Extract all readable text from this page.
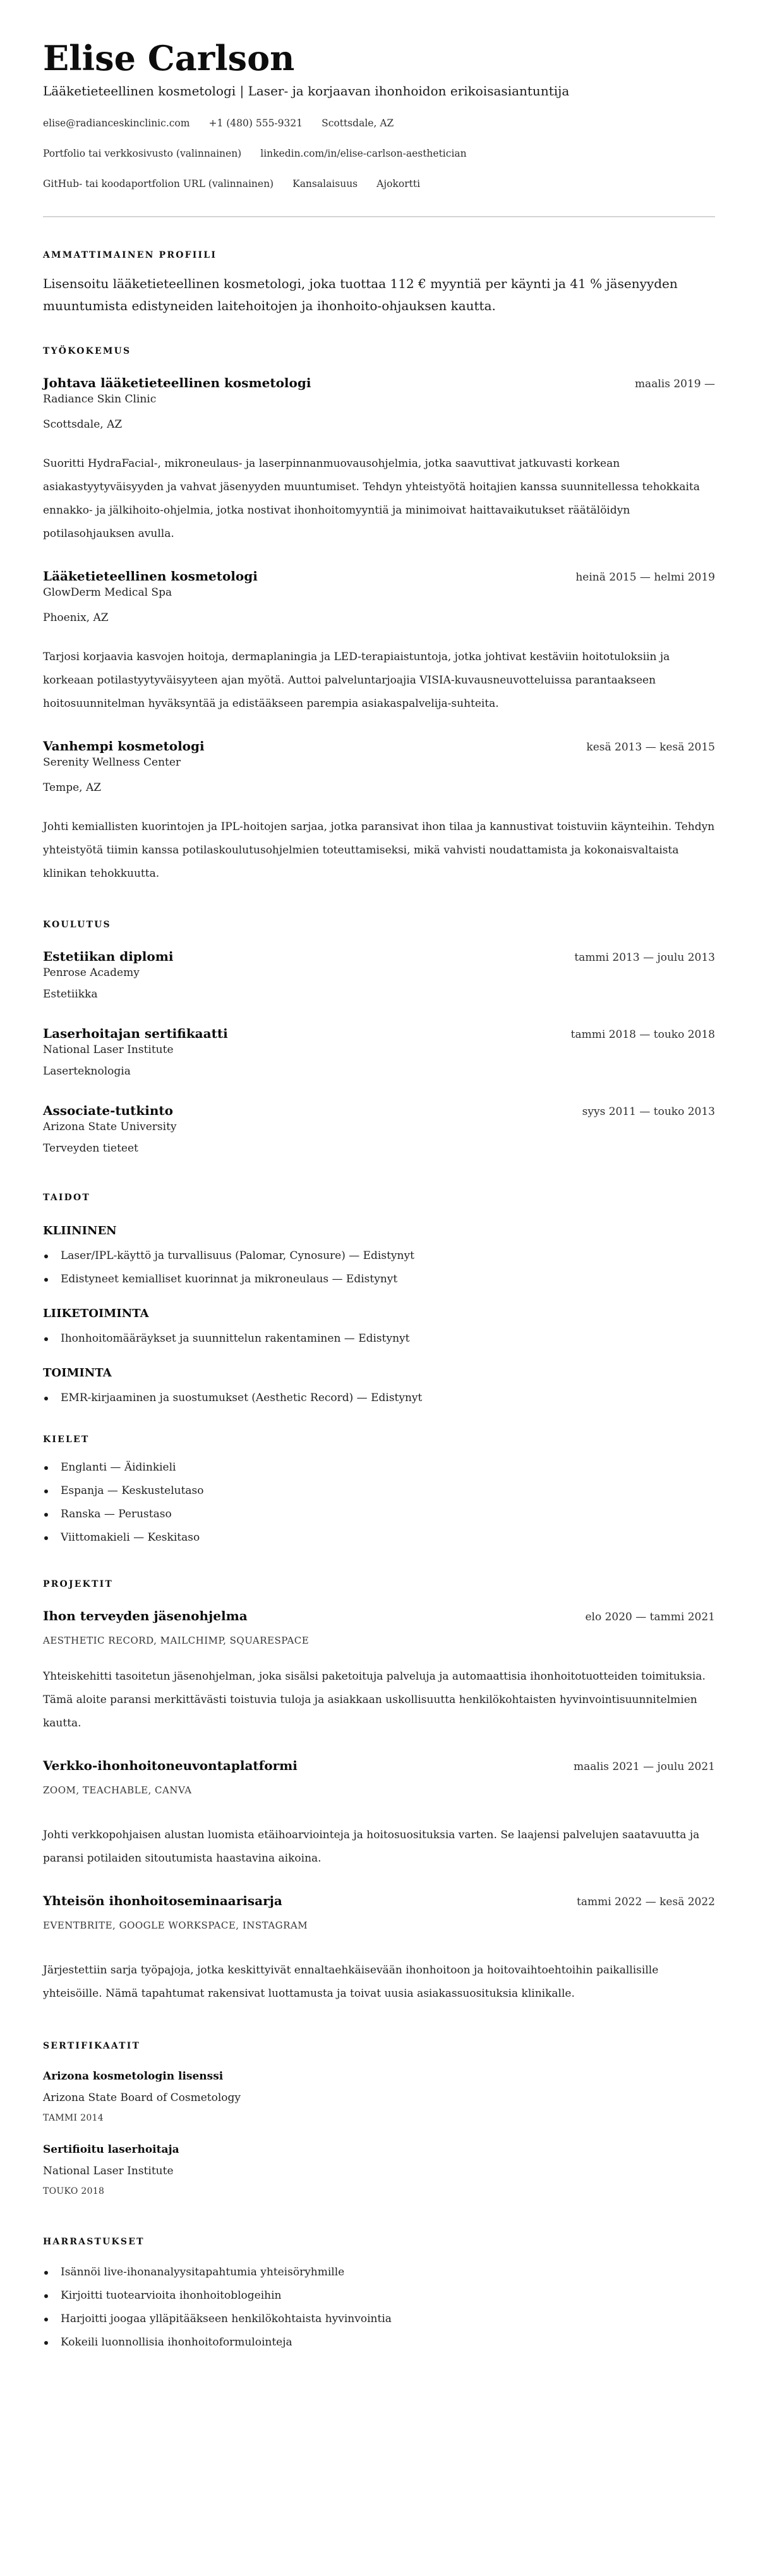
Elise Carlson
Lääketieteellinen kosmetologi | Laser- ja korjaavan ihonhoidon erikoisasiantuntija
elise@radianceskinclinic.com +1 (480) 555-9321 Scottsdale, AZ
Portfolio tai verkkosivusto (valinnainen) linkedin.com/in/elise-carlson-aesthetician
GitHub- tai koodaportfolion URL (valinnainen) Kansalaisuus Ajokortti
AMMATTIMAINEN PROFIILI

Lisensoitu lääketieteellinen kosmetologi, joka tuottaa 112 € myyntiä per käynti ja 41 % jäsenyyden muuntumista edistyneiden laitehoitojen ja ihonhoito-ohjauksen kautta.

TYÖKOKEMUS
Johtava lääketieteellinen kosmetologi	maalis 2019 —
Radiance Skin Clinic
Scottsdale, AZ

Suoritti HydraFacial-, mikroneulaus- ja laserpinnanmuovausohjelmia, jotka saavuttivat jatkuvasti korkean asiakastyytyväisyyden ja vahvat jäsenyyden muuntumiset. Tehdyn yhteistyötä hoitajien kanssa suunnitellessa tehokkaita ennakko- ja jälkihoito-ohjelmia, jotka nostivat ihonhoitomyyntiä ja minimoivat haittavaikutukset räätälöidyn potilasohjauksen avulla.

Lääketieteellinen kosmetologi	heinä 2015 — helmi 2019
GlowDerm Medical Spa
Phoenix, AZ

Tarjosi korjaavia kasvojen hoitoja, dermaplaningia ja LED-terapiaistuntoja, jotka johtivat kestäviin hoitotuloksiin ja korkeaan potilastyytyväisyyteen ajan myötä. Auttoi palveluntarjoajia VISIA-kuvausneuvotteluissa parantaakseen hoitosuunnitelman hyväksyntää ja edistääkseen parempia asiakaspalvelija-suhteita.

Vanhempi kosmetologi	kesä 2013 — kesä 2015
Serenity Wellness Center
Tempe, AZ

Johti kemiallisten kuorintojen ja IPL-hoitojen sarjaa, jotka paransivat ihon tilaa ja kannustivat toistuviin käynteihin. Tehdyn yhteistyötä tiimin kanssa potilaskoulutusohjelmien toteuttamiseksi, mikä vahvisti noudattamista ja kokonaisvaltaista klinikan tehokkuutta.

KOULUTUS
Estetiikan diplomi	tammi 2013 — joulu 2013
Penrose Academy
Estetiikka
Laserhoitajan sertifikaatti	tammi 2018 — touko 2018
National Laser Institute
Laserteknologia
Associate-tutkinto	syys 2011 — touko 2013
Arizona State University
Terveyden tieteet
TAIDOT
KLIININEN
Laser/IPL-käyttö ja turvallisuus (Palomar, Cynosure) — Edistynyt
Edistyneet kemialliset kuorinnat ja mikroneulaus — Edistynyt
LIIKETOIMINTA
Ihonhoitomääräykset ja suunnittelun rakentaminen — Edistynyt
TOIMINTA
EMR-kirjaaminen ja suostumukset (Aesthetic Record) — Edistynyt
KIELET
Englanti — Äidinkieli
Espanja — Keskustelutaso
Ranska — Perustaso
Viittomakieli — Keskitaso
PROJEKTIT
Ihon terveyden jäsenohjelma	elo 2020 — tammi 2021
AESTHETIC RECORD, MAILCHIMP, SQUARESPACE

Yhteiskehitti tasoitetun jäsenohjelman, joka sisälsi paketoituja palveluja ja automaattisia ihonhoitotuotteiden toimituksia. Tämä aloite paransi merkittävästi toistuvia tuloja ja asiakkaan uskollisuutta henkilökohtaisten hyvinvointisuunnitelmien kautta.

Verkko-ihonhoitoneuvontaplatformi	maalis 2021 — joulu 2021
ZOOM, TEACHABLE, CANVA

Johti verkkopohjaisen alustan luomista etäihoarviointeja ja hoitosuosituksia varten. Se laajensi palvelujen saatavuutta ja paransi potilaiden sitoutumista haastavina aikoina.

Yhteisön ihonhoitoseminaarisarja	tammi 2022 — kesä 2022
EVENTBRITE, GOOGLE WORKSPACE, INSTAGRAM

Järjestettiin sarja työpajoja, jotka keskittyivät ennaltaehkäisevään ihonhoitoon ja hoitovaihtoehtoihin paikallisille yhteisöille. Nämä tapahtumat rakensivat luottamusta ja toivat uusia asiakassuosituksia klinikalle.

SERTIFIKAATIT
Arizona kosmetologin lisenssi
Arizona State Board of Cosmetology
TAMMI 2014
Sertifioitu laserhoitaja
National Laser Institute
TOUKO 2018
HARRASTUKSET
Isännöi live-ihonanalyysitapahtumia yhteisöryhmille
Kirjoitti tuotearvioita ihonhoitoblogeihin
Harjoitti joogaa ylläpitääkseen henkilökohtaista hyvinvointia
Kokeili luonnollisia ihonhoitoformulointeja
